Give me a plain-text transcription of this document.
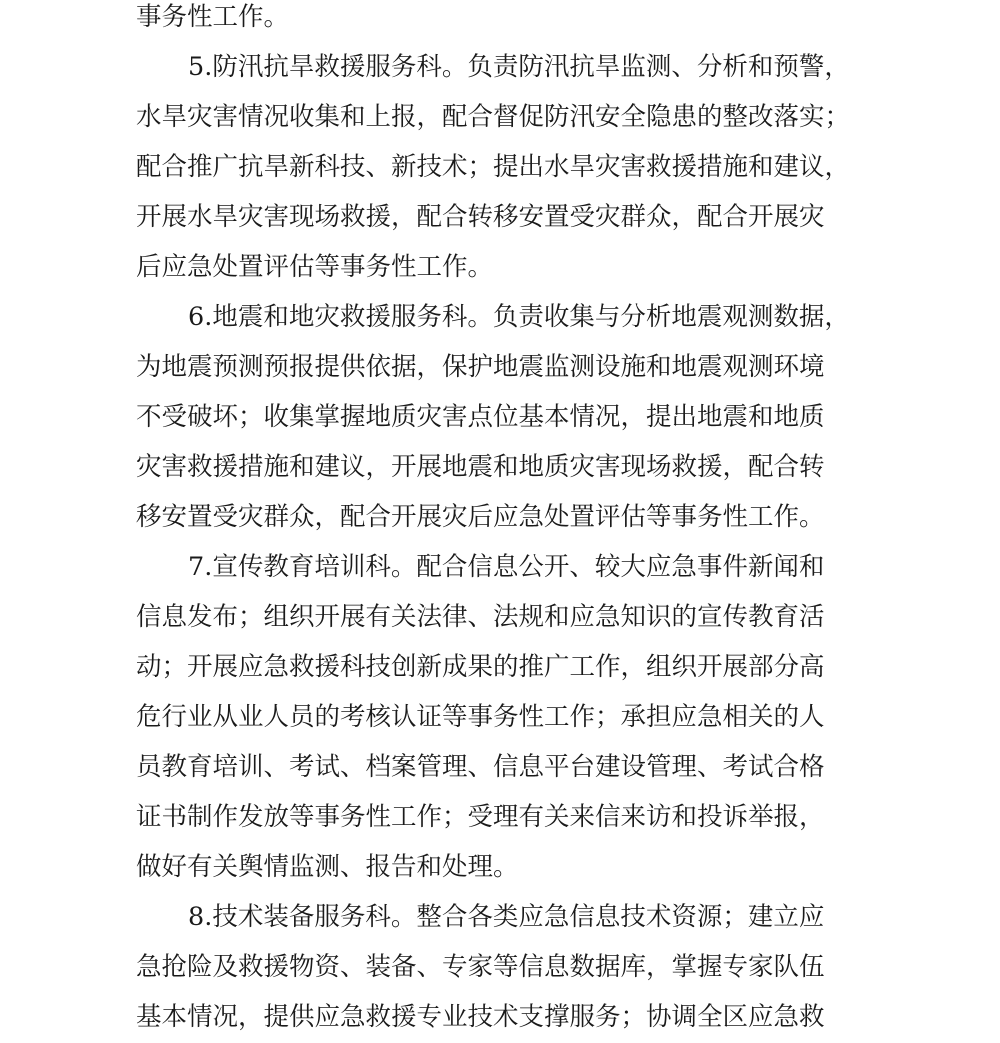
事务性工作。
5.防汛抗旱救援服务科。负责防汛抗旱监测、分析和预警，
水旱灾害情况收集和上报，配合督促防汛安全隐患的整改落实；
配合推广抗旱新科技、新技术；提出水旱灾害救援措施和建议，
开展水旱灾害现场救援，配合转移安置受灾群众，配合开展灾
后应急处置评估等事务性工作。
6.地震和地灾救援服务科。负责收集与分析地震观测数据，
为地震预测预报提供依据，保护地震监测设施和地震观测环境
不受破坏；收集掌握地质灾害点位基本情况，提出地震和地质
灾害救援措施和建议，开展地震和地质灾害现场救援，配合转
移安置受灾群众，配合开展灾后应急处置评估等事务性工作。
7.宣传教育培训科。配合信息公开、较大应急事件新闻和
信息发布；组织开展有关法律、法规和应急知识的宣传教育活
动；开展应急救援科技创新成果的推广工作，组织开展部分高
危行业从业人员的考核认证等事务性工作；承担应急相关的人
员教育培训、考试、档案管理、信息平台建设管理、考试合格
证书制作发放等事务性工作；受理有关来信来访和投诉举报，
做好有关舆情监测、报告和处理。
8.技术装备服务科。整合各类应急信息技术资源；建立应
急抢险及救援物资、装备、专家等信息数据库，掌握专家队伍
基本情况，提供应急救援专业技术支撑服务；协调全区应急救
